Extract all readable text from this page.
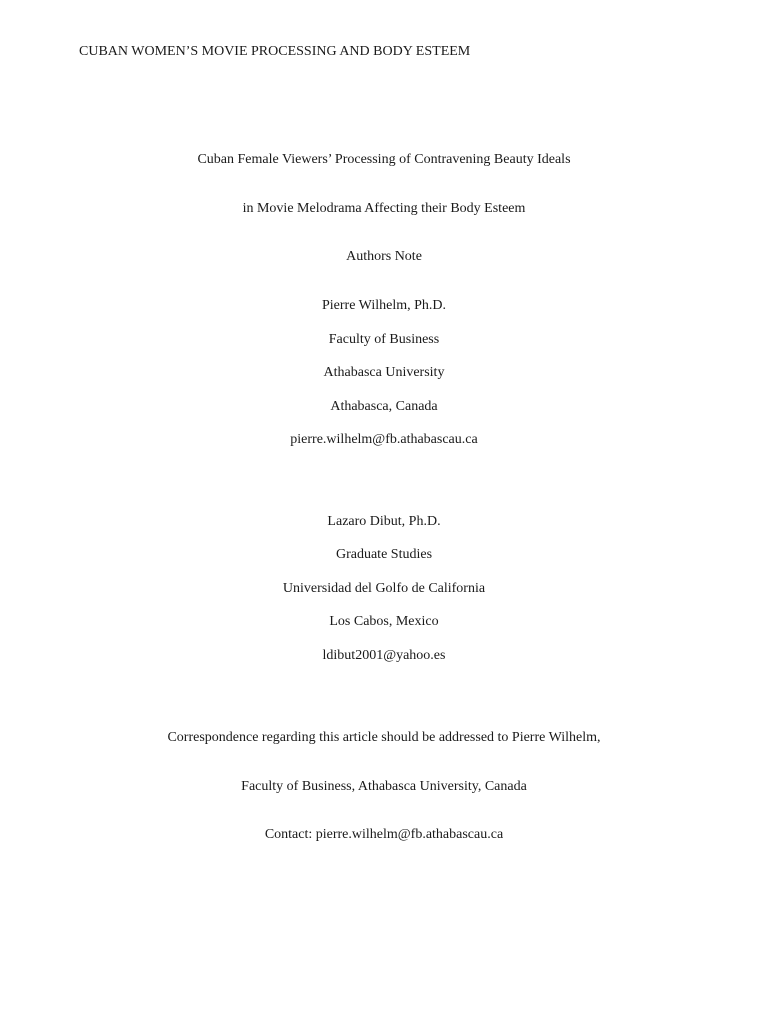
CUBAN WOMEN’S MOVIE PROCESSING AND BODY ESTEEM
Cuban Female Viewers’ Processing of Contravening Beauty Ideals
in Movie Melodrama Affecting their Body Esteem
Authors Note
Pierre Wilhelm, Ph.D.
Faculty of Business
Athabasca University
Athabasca, Canada
pierre.wilhelm@fb.athabascau.ca
Lazaro Dibut, Ph.D.
Graduate Studies
Universidad del Golfo de California
Los Cabos, Mexico
ldibut2001@yahoo.es
Correspondence regarding this article should be addressed to Pierre Wilhelm,
Faculty of Business, Athabasca University, Canada
Contact: pierre.wilhelm@fb.athabascau.ca
